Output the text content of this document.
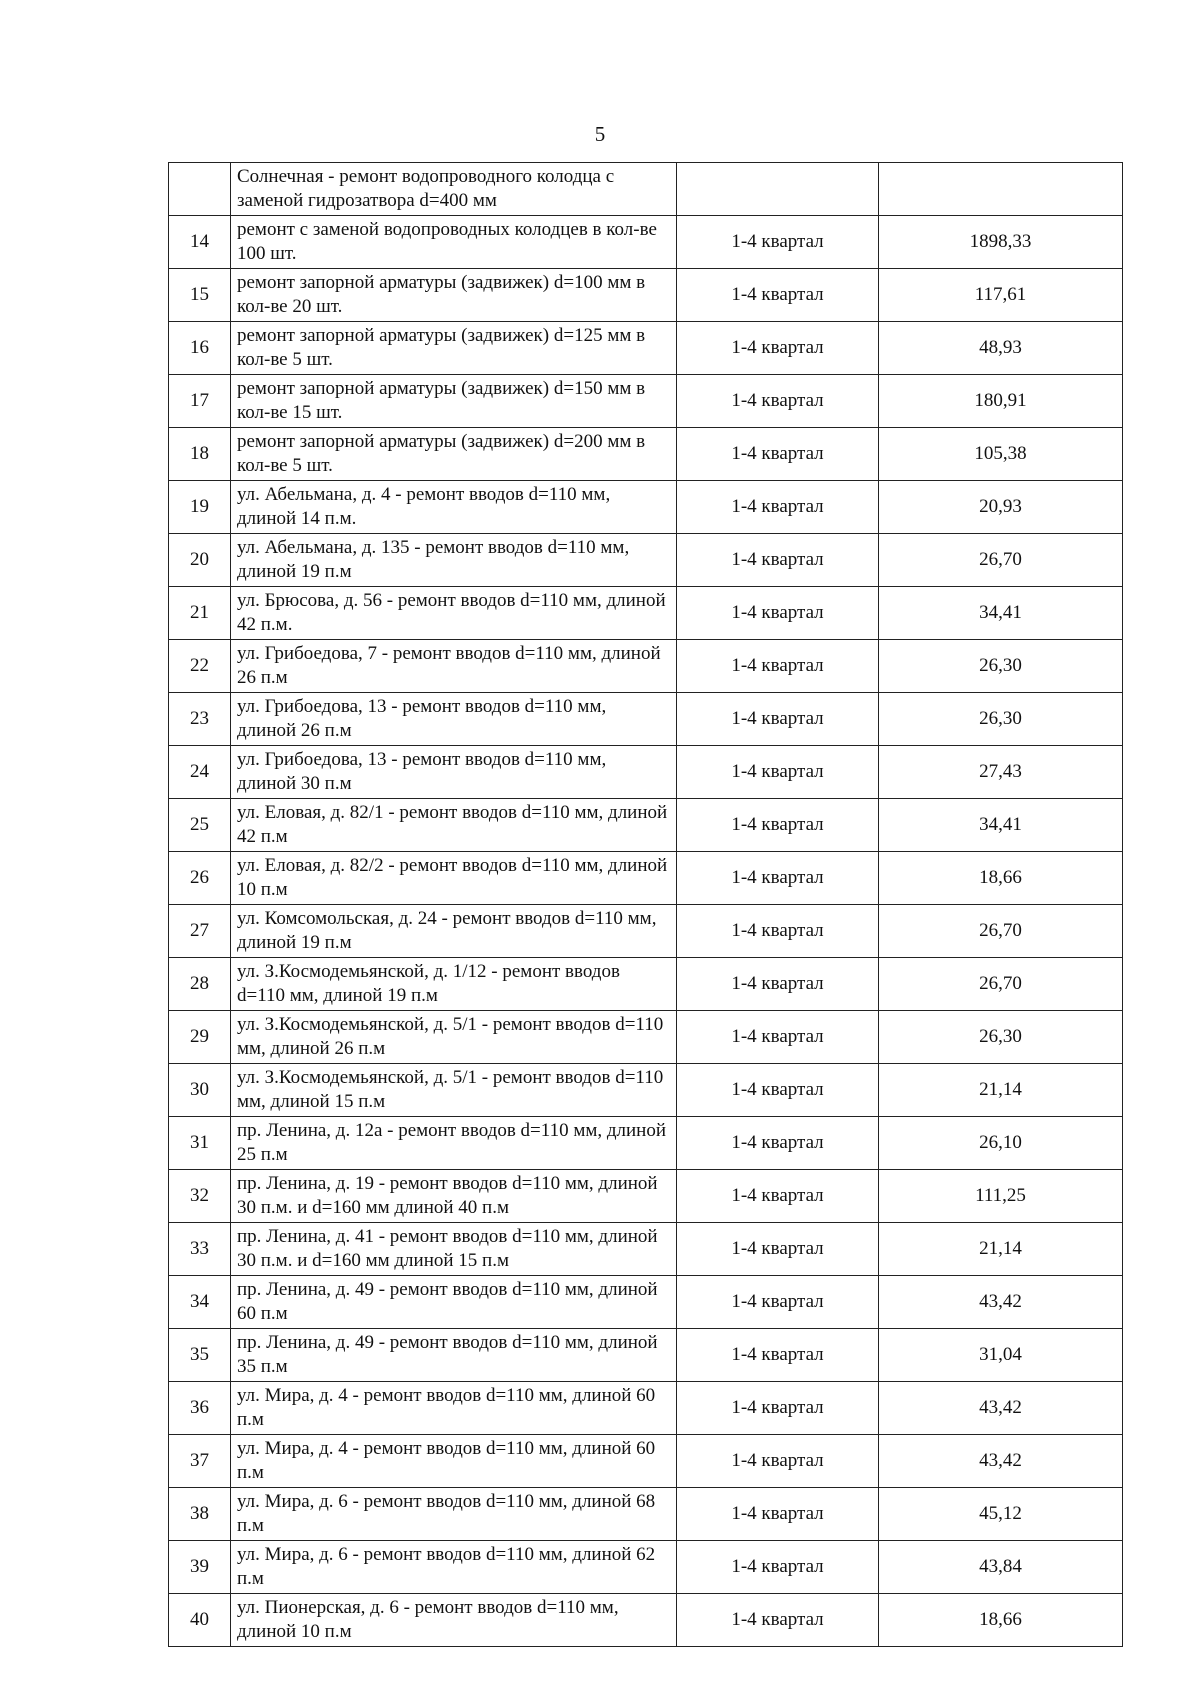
5
	Солнечная - ремонт водопроводного колодца с заменой гидрозатвора d=400 мм		
14	ремонт с заменой водопроводных колодцев в кол-ве 100 шт.	1-4 квартал	1898,33
15	ремонт запорной арматуры (задвижек) d=100 мм в кол-ве 20 шт.	1-4 квартал	117,61
16	ремонт запорной арматуры (задвижек) d=125 мм в кол-ве 5 шт.	1-4 квартал	48,93
17	ремонт запорной арматуры (задвижек) d=150 мм в кол-ве 15 шт.	1-4 квартал	180,91
18	ремонт запорной арматуры (задвижек) d=200 мм в кол-ве 5 шт.	1-4 квартал	105,38
19	ул. Абельмана, д. 4 - ремонт вводов d=110 мм, длиной 14 п.м.	1-4 квартал	20,93
20	ул. Абельмана, д. 135 - ремонт вводов d=110 мм, длиной 19 п.м	1-4 квартал	26,70
21	ул. Брюсова, д. 56 - ремонт вводов d=110 мм, длиной 42 п.м.	1-4 квартал	34,41
22	ул. Грибоедова, 7 - ремонт вводов d=110 мм, длиной 26 п.м	1-4 квартал	26,30
23	ул. Грибоедова, 13 - ремонт вводов d=110 мм, длиной 26 п.м	1-4 квартал	26,30
24	ул. Грибоедова, 13 - ремонт вводов d=110 мм, длиной 30 п.м	1-4 квартал	27,43
25	ул. Еловая, д. 82/1 - ремонт вводов d=110 мм, длиной 42 п.м	1-4 квартал	34,41
26	ул. Еловая, д. 82/2 - ремонт вводов d=110 мм, длиной 10 п.м	1-4 квартал	18,66
27	ул. Комсомольская, д. 24 - ремонт вводов d=110 мм, длиной 19 п.м	1-4 квартал	26,70
28	ул. З.Космодемьянской, д. 1/12 - ремонт вводов d=110 мм, длиной 19 п.м	1-4 квартал	26,70
29	ул. З.Космодемьянской, д. 5/1 - ремонт вводов d=110 мм, длиной 26 п.м	1-4 квартал	26,30
30	ул. З.Космодемьянской, д. 5/1 - ремонт вводов d=110 мм, длиной 15 п.м	1-4 квартал	21,14
31	пр. Ленина, д. 12а - ремонт вводов d=110 мм, длиной 25 п.м	1-4 квартал	26,10
32	пр. Ленина, д. 19 - ремонт вводов d=110 мм, длиной 30 п.м. и d=160 мм длиной 40 п.м	1-4 квартал	111,25
33	пр. Ленина, д. 41 - ремонт вводов d=110 мм, длиной 30 п.м. и d=160 мм длиной 15 п.м	1-4 квартал	21,14
34	пр. Ленина, д. 49 - ремонт вводов d=110 мм, длиной 60 п.м	1-4 квартал	43,42
35	пр. Ленина, д. 49 - ремонт вводов d=110 мм, длиной 35 п.м	1-4 квартал	31,04
36	ул. Мира, д. 4 - ремонт вводов d=110 мм, длиной 60 п.м	1-4 квартал	43,42
37	ул. Мира, д. 4 - ремонт вводов d=110 мм, длиной 60 п.м	1-4 квартал	43,42
38	ул. Мира, д. 6 - ремонт вводов d=110 мм, длиной 68 п.м	1-4 квартал	45,12
39	ул. Мира, д. 6 - ремонт вводов d=110 мм, длиной 62 п.м	1-4 квартал	43,84
40	ул. Пионерская, д. 6 - ремонт вводов d=110 мм, длиной 10 п.м	1-4 квартал	18,66
